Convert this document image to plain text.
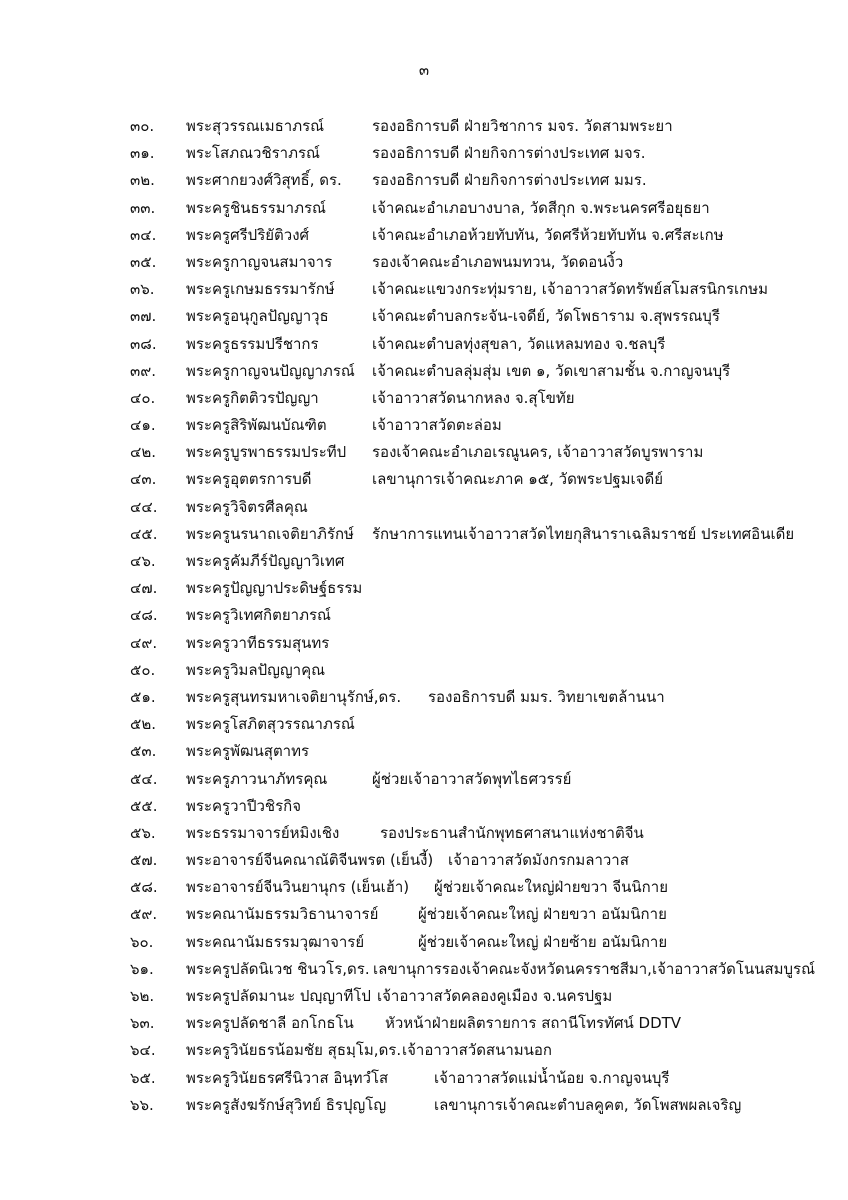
๓
๓๐. พระสุวรรณเมธาภรณ์	รองอธิการบดี ฝ่ายวิชาการ มจร. วัดสามพระยา
๓๑. พระโสภณวชิราภรณ์	รองอธิการบดี ฝ่ายกิจการต่างประเทศ มจร.
๓๒. พระศากยวงศ์วิสุทธิ์, ดร. รองอธิการบดี ฝ่ายกิจการต่างประเทศ มมร.
๓๓. พระครูชินธรรมาภรณ์	เจ้าคณะอำเภอบางบาล, วัดสีกุก จ.พระนครศรีอยุธยา
๓๔. พระครูศรีปริยัติวงศ์	เจ้าคณะอำเภอห้วยทับทัน, วัดศรีห้วยทับทัน จ.ศรีสะเกษ
๓๕. พระครูกาญจนสมาจาร	รองเจ้าคณะอำเภอพนมทวน, วัดดอนงิ้ว
๓๖. พระครูเกษมธรรมารักษ์ เจ้าคณะแขวงกระทุ่มราย, เจ้าอาวาสวัดทรัพย์สโมสรนิกรเกษม
๓๗. พระครูอนุกูลปัญญาวุธ	เจ้าคณะตำบลกระจัน-เจดีย์, วัดโพธาราม จ.สุพรรณบุรี
๓๘. พระครูธรรมปรีชากร	เจ้าคณะตำบลทุ่งสุขลา, วัดแหลมทอง จ.ชลบุรี
๓๙. พระครูกาญจนปัญญาภรณ์ เจ้าคณะตำบลลุ่มสุ่ม เขต ๑, วัดเขาสามชั้น จ.กาญจนบุรี
๔๐. พระครูกิตติวรปัญญา	เจ้าอาวาสวัดนากหลง จ.สุโขทัย
๔๑. พระครูสิริพัฒนบัณฑิต	เจ้าอาวาสวัดตะล่อม
๔๒. พระครูบูรพาธรรมประทีป รองเจ้าคณะอำเภอเรณูนคร, เจ้าอาวาสวัดบูรพาราม
๔๓. พระครูอุตตรการบดี	เลขานุการเจ้าคณะภาค ๑๕, วัดพระปฐมเจดีย์
๔๔. พระครูวิจิตรศีลคุณ
๔๕. พระครูนรนาถเจติยาภิรักษ์ รักษาการแทนเจ้าอาวาสวัดไทยกุสินาราเฉลิมราชย์ ประเทศอินเดีย
๔๖. พระครูคัมภีร์ปัญญาวิเทศ
๔๗. พระครูปัญญาประดิษฐ์ธรรม
๔๘. พระครูวิเทศกิตยาภรณ์
๔๙. พระครูวาทีธรรมสุนทร
๕๐. พระครูวิมลปัญญาคุณ
๕๑. พระครูสุนทรมหาเจติยานุรักษ์,ดร. รองอธิการบดี มมร. วิทยาเขตล้านนา
๕๒. พระครูโสภิตสุวรรณาภรณ์
๕๓. พระครูพัฒนสุตาทร
๕๔. พระครูภาวนาภัทรคุณ	ผู้ช่วยเจ้าอาวาสวัดพุทไธศวรรย์
๕๕. พระครูวาปีวชิรกิจ
๕๖. พระธรรมาจารย์หมิงเชิง	รองประธานสำนักพุทธศาสนาแห่งชาติจีน
๕๗. พระอาจารย์จีนคณาณัติจีนพรต (เย็นงี้) เจ้าอาวาสวัดมังกรกมลาวาส
๕๘. พระอาจารย์จีนวินยานุกร (เย็นเฮ้า) ผู้ช่วยเจ้าคณะใหญ่ฝ่ายขวา จีนนิกาย
๕๙. พระคณานัมธรรมวิธานาจารย์	ผู้ช่วยเจ้าคณะใหญ่ ฝ่ายขวา อนัมนิกาย
๖๐. พระคณานัมธรรมวุฒาจารย์	ผู้ช่วยเจ้าคณะใหญ่ ฝ่ายซ้าย อนัมนิกาย
๖๑. พระครูปลัดนิเวช ชินวโร,ดร. เลขานุการรองเจ้าคณะจังหวัดนครราชสีมา,เจ้าอาวาสวัดโนนสมบูรณ์
๖๒. พระครูปลัดมานะ ปญฺญาทีโป เจ้าอาวาสวัดคลองคูเมือง จ.นครปฐม
๖๓. พระครูปลัดชาลี อกโกธโน หัวหน้าฝ่ายผลิตรายการ สถานีโทรทัศน์ DDTV
๖๔. พระครูวินัยธรน้อมชัย สุธมฺโม,ดร. เจ้าอาวาสวัดสนามนอก
๖๕. พระครูวินัยธรศรีนิวาส อินฺทวํโส	เจ้าอาวาสวัดแม่น้ำน้อย จ.กาญจนบุรี
๖๖. พระครูสังฆรักษ์สุวิทย์ ธิรปุญโญ	เลขานุการเจ้าคณะตำบลคูคต, วัดโพสพผลเจริญ
